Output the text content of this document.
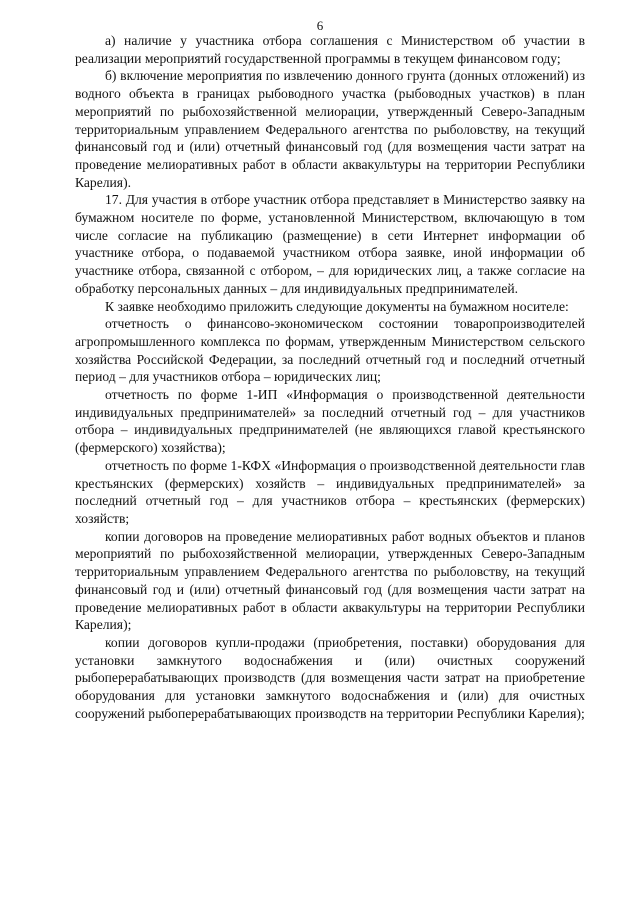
6

а) наличие у участника отбора соглашения с Министерством об участии в реализации мероприятий государственной программы в текущем финансовом году;

б) включение мероприятия по извлечению донного грунта (донных отложений) из водного объекта в границах рыбоводного участка (рыбоводных участков) в план мероприятий по рыбохозяйственной мелиорации, утвержденный Северо-Западным территориальным управлением Федерального агентства по рыболовству, на текущий финансовый год и (или) отчетный финансовый год (для возмещения части затрат на проведение мелиоративных работ в области аквакультуры на территории Республики Карелия).

17. Для участия в отборе участник отбора представляет в Министерство заявку на бумажном носителе по форме, установленной Министерством, включающую в том числе согласие на публикацию (размещение) в сети Интернет информации об участнике отбора, о подаваемой участником отбора заявке, иной информации об участнике отбора, связанной с отбором, – для юридических лиц, а также согласие на обработку персональных данных – для индивидуальных предпринимателей.

К заявке необходимо приложить следующие документы на бумажном носителе:

отчетность о финансово-экономическом состоянии товаропроизводителей агропромышленного комплекса по формам, утвержденным Министерством сельского хозяйства Российской Федерации, за последний отчетный год и последний отчетный период – для участников отбора – юридических лиц;

отчетность по форме 1-ИП «Информация о производственной деятельности индивидуальных предпринимателей» за последний отчетный год – для участников отбора – индивидуальных предпринимателей (не являющихся главой крестьянского (фермерского) хозяйства);

отчетность по форме 1-КФХ «Информация о производственной деятельности глав крестьянских (фермерских) хозяйств – индивидуальных предпринимателей» за последний отчетный год – для участников отбора – крестьянских (фермерских) хозяйств;

копии договоров на проведение мелиоративных работ водных объектов и планов мероприятий по рыбохозяйственной мелиорации, утвержденных Северо-Западным территориальным управлением Федерального агентства по рыболовству, на текущий финансовый год и (или) отчетный финансовый год (для возмещения части затрат на проведение мелиоративных работ в области аквакультуры на территории Республики Карелия);

копии договоров купли-продажи (приобретения, поставки) оборудования для установки замкнутого водоснабжения и (или) очистных сооружений рыбоперерабатывающих производств (для возмещения части затрат на приобретение оборудования для установки замкнутого водоснабжения и (или) для очистных сооружений рыбоперерабатывающих производств на территории Республики Карелия);
